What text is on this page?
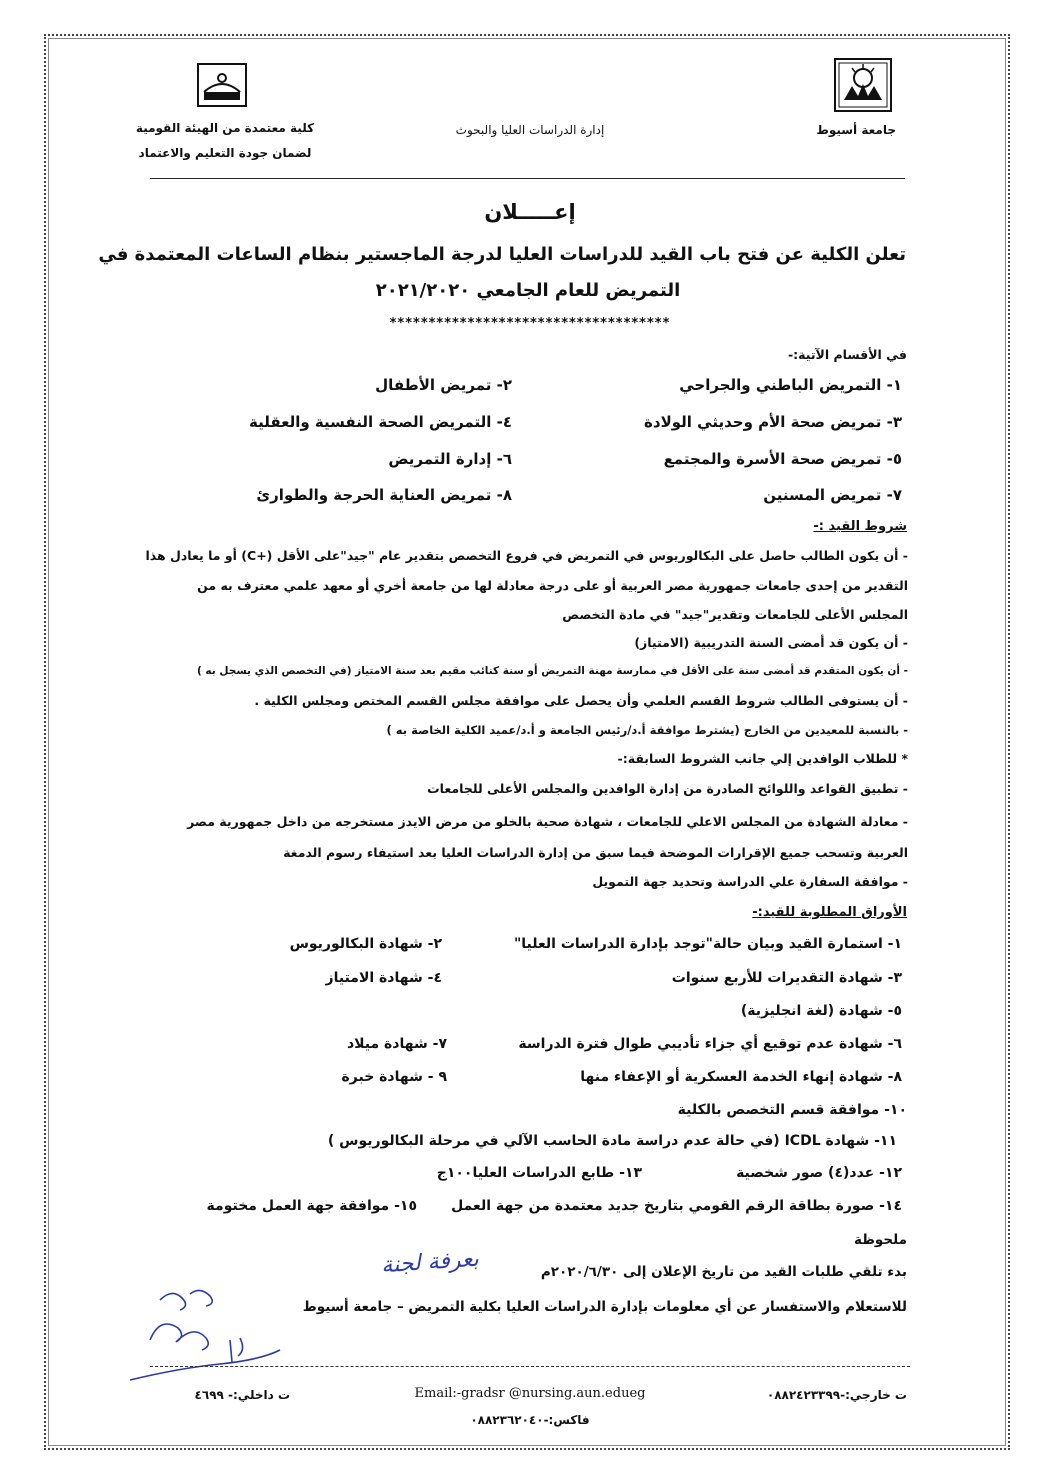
جامعة أسيوط
إدارة الدراسات العليا والبحوث
كلية معتمدة من الهيئة القومية
لضمان جودة التعليم والاعتماد
إعـــــلان
تعلن الكلية عن فتح باب القيد للدراسات العليا لدرجة الماجستير بنظام الساعات المعتمدة في
التمريض للعام الجامعي ٢٠٢١/٢٠٢٠
************************************
في الأقسام الآتية:-
١- التمريض الباطني والجراحي
٢- تمريض الأطفال
٣- تمريض صحة الأم وحديثي الولادة
٤- التمريض الصحة النفسية والعقلية
٥- تمريض صحة الأسرة والمجتمع
٦- إدارة التمريض
٧- تمريض المسنين
٨- تمريض العناية الحرجة والطوارئ
شروط القيد :-
- أن يكون الطالب حاصل على البكالوريوس في التمريض في فروع التخصص بتقدير عام "جيد"على الأقل (+C) أو ما يعادل هذا
التقدير من إحدى جامعات جمهورية مصر العربية أو على درجة معادلة لها من جامعة أخري أو معهد علمي معترف به من
المجلس الأعلى للجامعات وتقدير"جيد" في مادة التخصص
- أن يكون قد أمضى السنة التدريبية (الامتياز)
- أن يكون المتقدم قد أمضى سنة على الأقل في ممارسة مهنة التمريض أو سنة كنائب مقيم بعد سنة الامتياز (في التخصص الذي يسجل به )
- أن يستوفى الطالب شروط القسم العلمي وأن يحصل على موافقة مجلس القسم المختص ومجلس الكلية .
- بالنسبة للمعيدين من الخارج (يشترط موافقة أ.د/رئيس الجامعة و أ.د/عميد الكلية الخاصة به )
* للطلاب الوافدين إلي جانب الشروط السابقة:-
- تطبيق القواعد واللوائح الصادرة من إدارة الوافدين والمجلس الأعلى للجامعات
- معادلة الشهادة من المجلس الاعلي للجامعات ، شهادة صحية بالخلو من مرض الايدز مستخرجه من داخل جمهورية مصر
العربية وتسحب جميع الإقرارات الموضحة فيما سبق من إدارة الدراسات العليا بعد استيفاء رسوم الدمغة
- موافقة السفارة علي الدراسة وتحديد جهة التمويل
الأوراق المطلوبة للقيد:-
١- استمارة القيد وبيان حالة"توجد بإدارة الدراسات العليا"
٢- شهادة البكالوريوس
٣- شهادة التقديرات للأربع سنوات
٤- شهادة الامتياز
٥- شهادة (لغة انجليزية)
٦- شهادة عدم توقيع أي جزاء تأديبي طوال فترة الدراسة
٧- شهادة ميلاد
٨- شهادة إنهاء الخدمة العسكرية أو الإعفاء منها
٩ - شهادة خبرة
١٠- موافقة قسم التخصص بالكلية
١١- شهادة ICDL (في حالة عدم دراسة مادة الحاسب الآلي في مرحلة البكالوريوس )
١٢- عدد(٤) صور شخصية
١٣- طابع الدراسات العليا١٠٠ج
١٤- صورة بطاقة الرقم القومي بتاريخ جديد معتمدة من جهة العمل
١٥- موافقة جهة العمل مختومة
ملحوظة
بدء تلقي طلبات القيد من تاريخ الإعلان إلى ٢٠٢٠/٦/٣٠م
بعرفة لجنة
للاستعلام والاستفسار عن أي معلومات بإدارة الدراسات العليا بكلية التمريض – جامعة أسيوط
ت خارجي:-٠٨٨٢٤٢٣٣٩٩
Email:-gradsr @nursing.aun.edueg
ت داخلي:- ٤٦٩٩
فاكس:-٠٨٨٢٣٦٢٠٤٠
